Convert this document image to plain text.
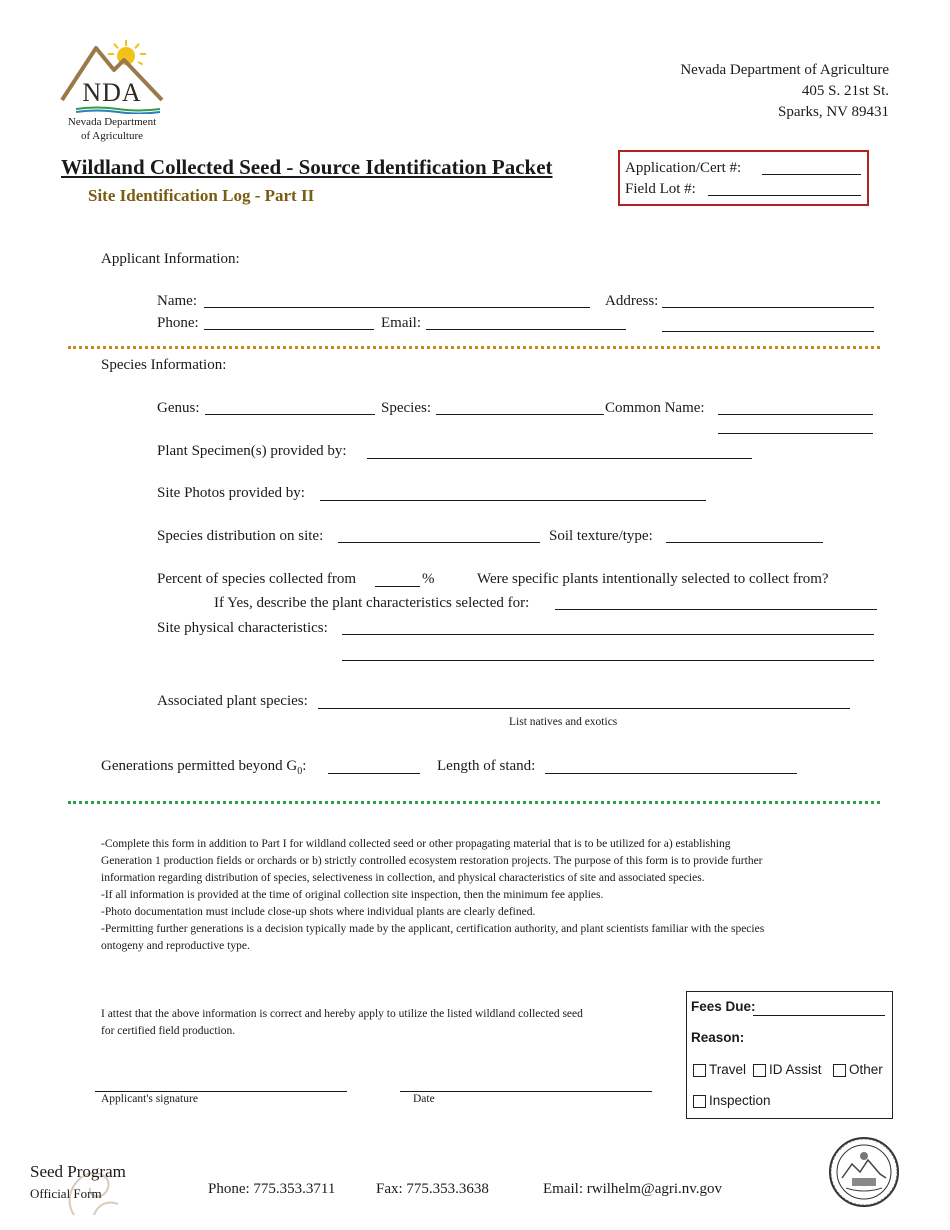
NDA
Nevada Department
of Agriculture
Nevada Department of Agriculture
405 S. 21st St.
Sparks, NV 89431
Wildland Collected Seed - Source Identification Packet
Site Identification Log - Part II
Application/Cert #:
Field Lot #:
Applicant Information:
Name:	Address:
Phone:	Email:
Species Information:
Genus:	Species:	Common Name:
Plant Specimen(s) provided by:
Site Photos provided by:
Species distribution on site:	Soil texture/type:
Percent of species collected from	%	Were specific plants intentionally selected to collect from?
If Yes, describe the plant characteristics selected for:
Site physical characteristics:
Associated plant species:
List natives and exotics
Generations permitted beyond $G_0$:	Length of stand:
-Complete this form in addition to Part I for wildland collected seed or other propagating material that is to be utilized for a) establishing
Generation 1 production fields or orchards or b) strictly controlled ecosystem restoration projects. The purpose of this form is to provide further
information regarding distribution of species, selectiveness in collection, and physical characteristics of site and associated species.
-If all information is provided at the time of original collection site inspection, then the minimum fee applies.
-Photo documentation must include close-up shots where individual plants are clearly defined.
-Permitting further generations is a decision typically made by the applicant, certification authority, and plant scientists familiar with the species
ontogeny and reproductive type.
I attest that the above information is correct and hereby apply to utilize the listed wildland collected seed
for certified field production.
Applicant's signature	Date
Fees Due:
Reason:
Travel	ID Assist	Other
Inspection
Seed Program
Official Form	Phone: 775.353.3711	Fax: 775.353.3638	Email: rwilhelm@agri.nv.gov
